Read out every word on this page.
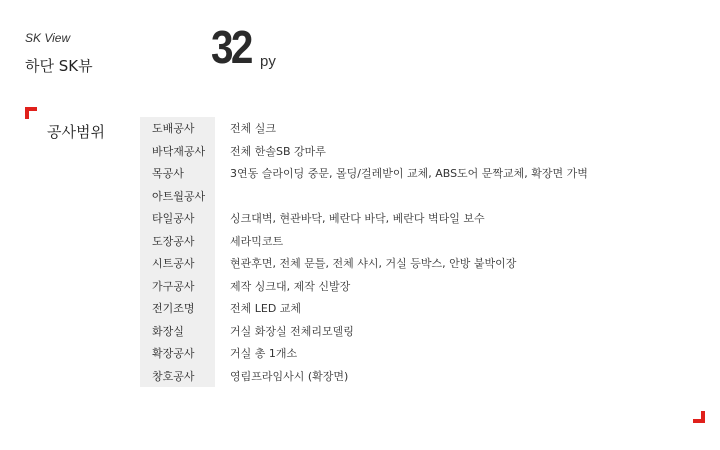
SK View
하단 SK뷰	32 py
공사범위	도배공사	전체 실크
바닥재공사	전체 한솔SB 강마루
목공사	3연동 슬라이딩 중문, 몰딩/걸레받이 교체, ABS도어 문짝교체, 확장면 가벽
아트월공사	
타일공사	싱크대벽, 현관바닥, 베란다 바닥, 베란다 벽타일 보수
도장공사	세라믹코트
시트공사	현관후면, 전체 문틀, 전체 샤시, 거실 등박스, 안방 붙박이장
가구공사	제작 싱크대, 제작 신발장
전기조명	전체 LED 교체
화장실	거실 화장실 전체리모델링
확장공사	거실 총 1개소
창호공사	영림프라임사시 (확장면)
